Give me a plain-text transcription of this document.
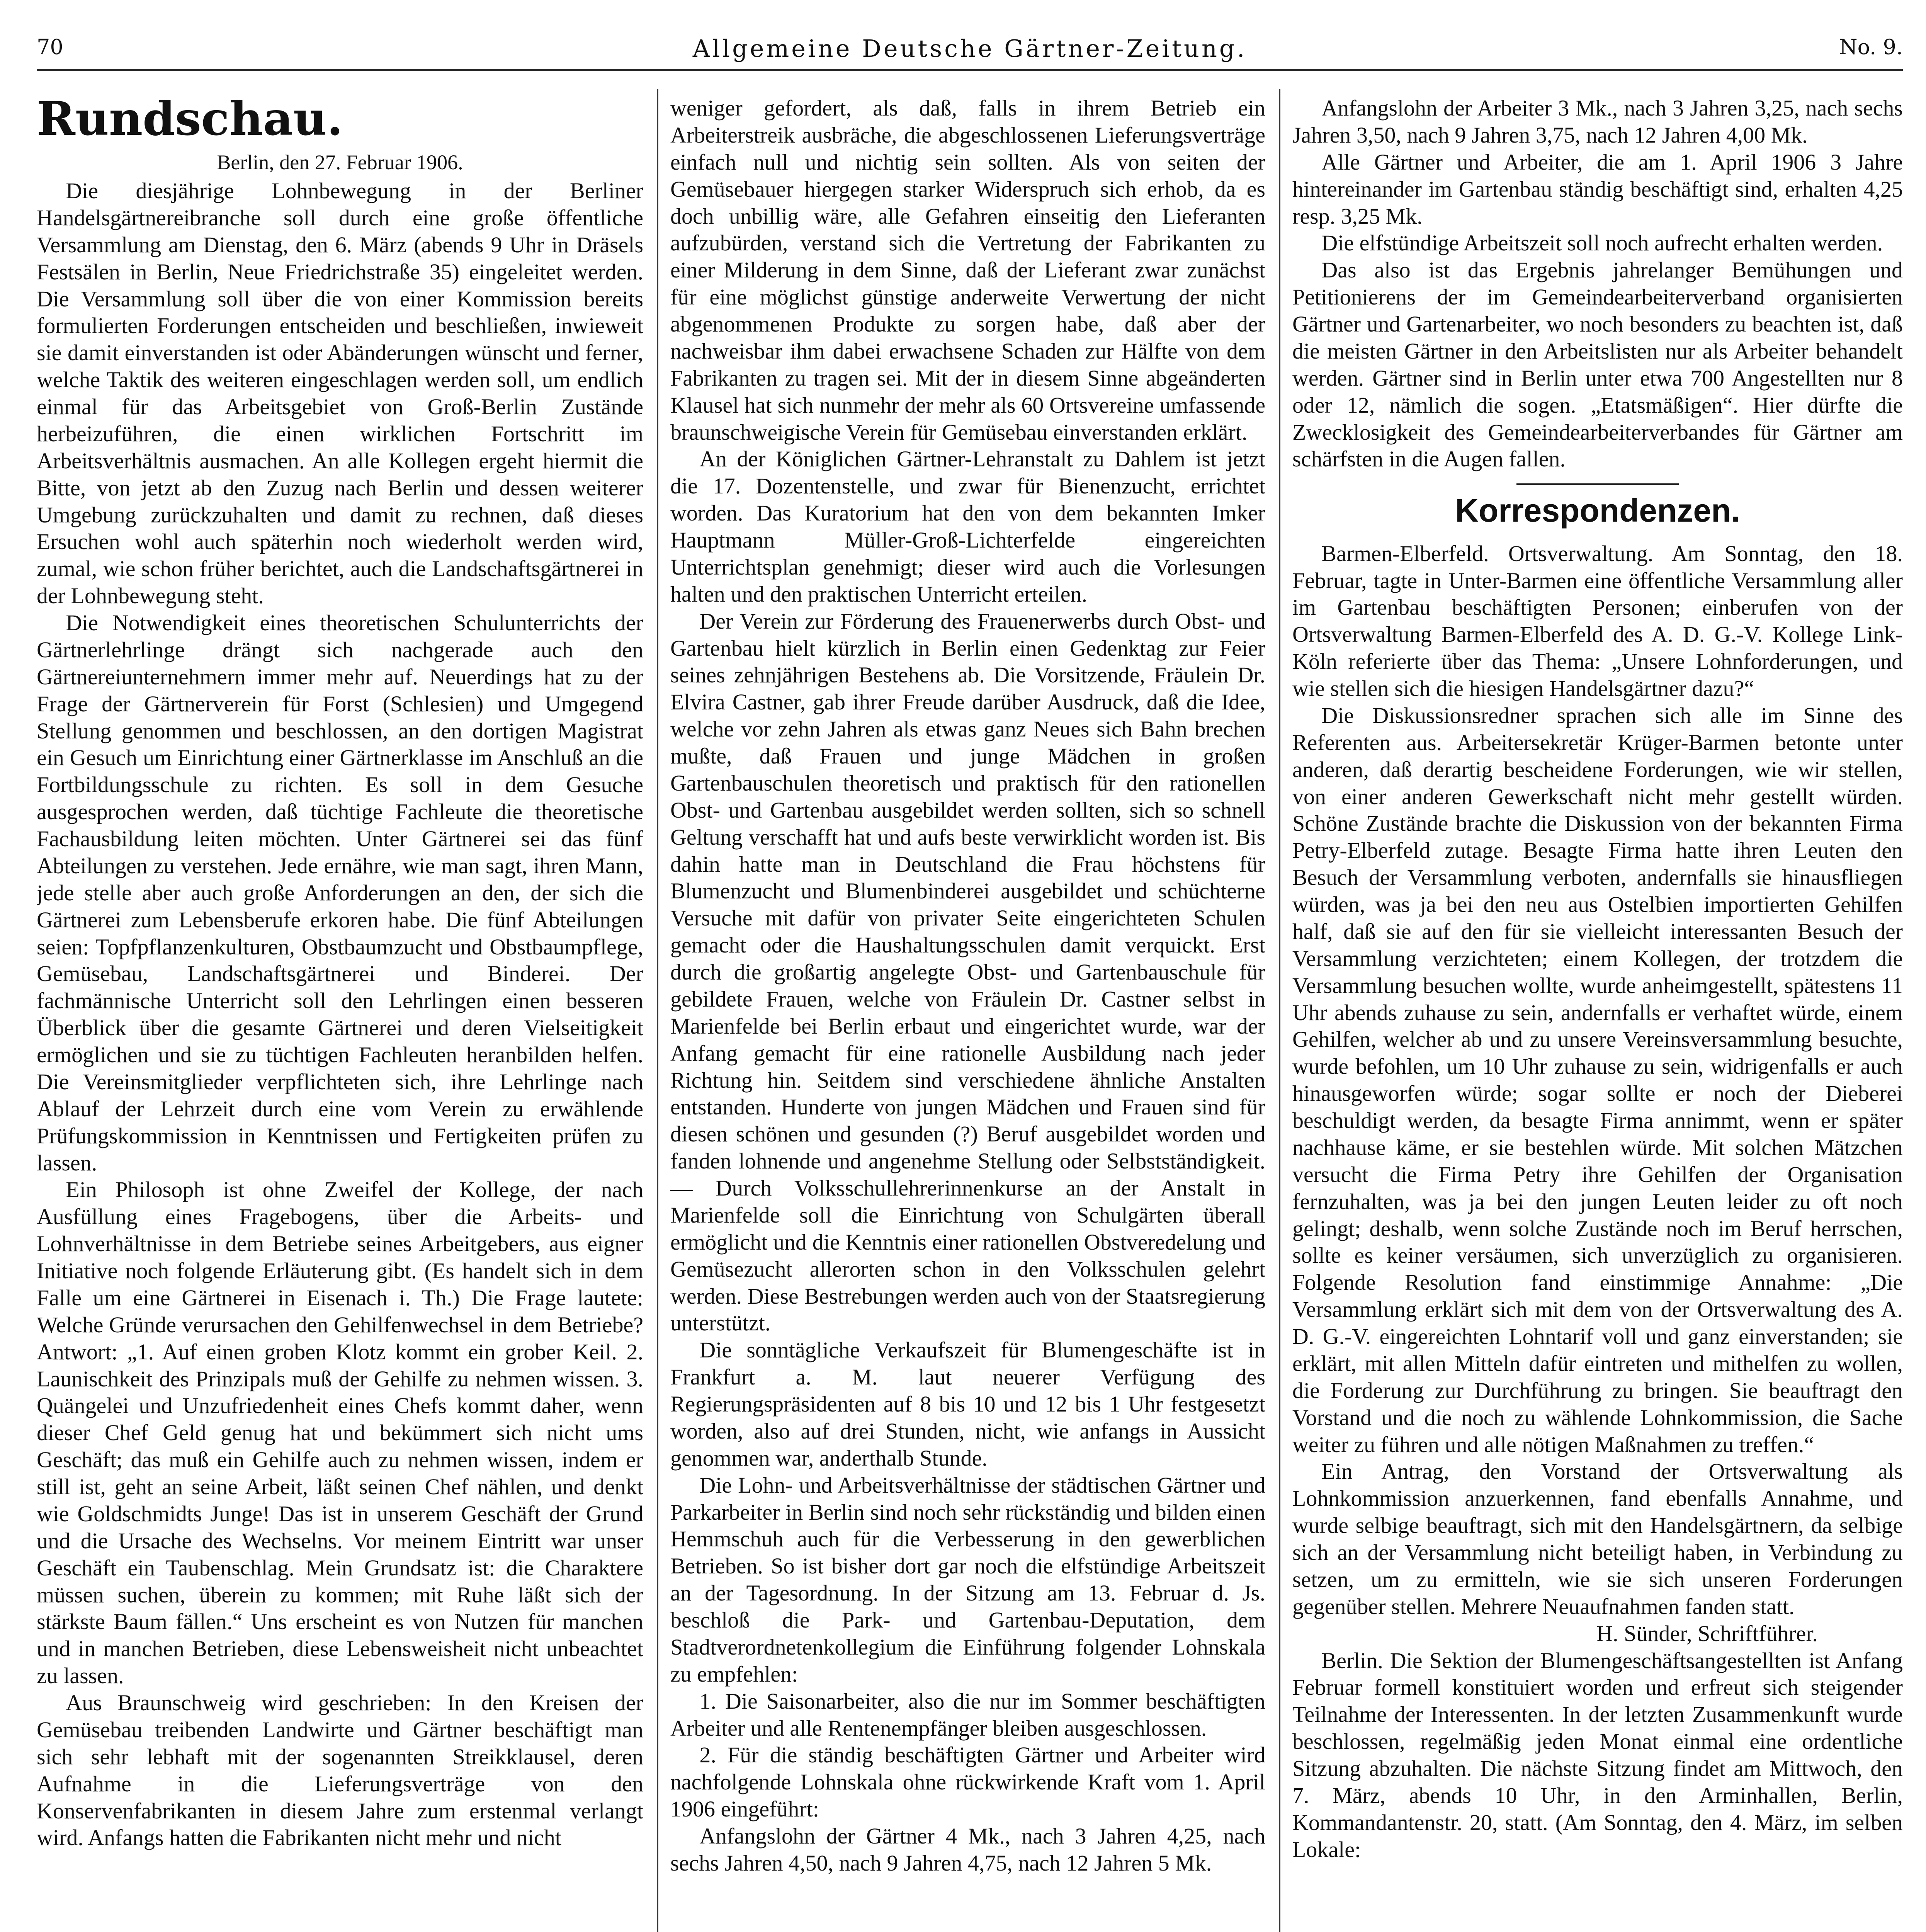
70	Allgemeine Deutsche Gärtner-Zeitung.	No. 9.
Rundschau.
Berlin, den 27. Februar 1906.

Die diesjährige Lohnbewegung in der Berliner Handelsgärtnereibranche soll durch eine große öffentliche Versammlung am Dienstag, den 6. März (abends 9 Uhr in Dräsels Festsälen in Berlin, Neue Friedrichstraße 35) eingeleitet werden. Die Versammlung soll über die von einer Kommission bereits formulierten Forderungen entscheiden und beschließen, inwieweit sie damit einverstanden ist oder Abänderungen wünscht und ferner, welche Taktik des weiteren eingeschlagen werden soll, um endlich einmal für das Arbeitsgebiet von Groß-Berlin Zustände herbeizuführen, die einen wirklichen Fortschritt im Arbeitsverhältnis ausmachen. An alle Kollegen ergeht hiermit die Bitte, von jetzt ab den Zuzug nach Berlin und dessen weiterer Umgebung zurückzuhalten und damit zu rechnen, daß dieses Ersuchen wohl auch späterhin noch wiederholt werden wird, zumal, wie schon früher berichtet, auch die Landschaftsgärtnerei in der Lohnbewegung steht.

Die Notwendigkeit eines theoretischen Schulunterrichts der Gärtnerlehrlinge drängt sich nachgerade auch den Gärtnereiunternehmern immer mehr auf. Neuerdings hat zu der Frage der Gärtnerverein für Forst (Schlesien) und Umgegend Stellung genommen und beschlossen, an den dortigen Magistrat ein Gesuch um Einrichtung einer Gärtnerklasse im Anschluß an die Fortbildungsschule zu richten. Es soll in dem Gesuche ausgesprochen werden, daß tüchtige Fachleute die theoretische Fachausbildung leiten möchten. Unter Gärtnerei sei das fünf Abteilungen zu verstehen. Jede ernähre, wie man sagt, ihren Mann, jede stelle aber auch große Anforderungen an den, der sich die Gärtnerei zum Lebensberufe erkoren habe. Die fünf Abteilungen seien: Topfpflanzenkulturen, Obstbaumzucht und Obstbaumpflege, Gemüsebau, Landschaftsgärtnerei und Binderei. Der fachmännische Unterricht soll den Lehrlingen einen besseren Überblick über die gesamte Gärtnerei und deren Vielseitigkeit ermöglichen und sie zu tüchtigen Fachleuten heranbilden helfen. Die Vereinsmitglieder verpflichteten sich, ihre Lehrlinge nach Ablauf der Lehrzeit durch eine vom Verein zu erwählende Prüfungskommission in Kenntnissen und Fertigkeiten prüfen zu lassen.

Ein Philosoph ist ohne Zweifel der Kollege, der nach Ausfüllung eines Fragebogens, über die Arbeits- und Lohnverhältnisse in dem Betriebe seines Arbeitgebers, aus eigner Initiative noch folgende Erläuterung gibt. (Es handelt sich in dem Falle um eine Gärtnerei in Eisenach i. Th.) Die Frage lautete: Welche Gründe verursachen den Gehilfenwechsel in dem Betriebe? Antwort: „1. Auf einen groben Klotz kommt ein grober Keil. 2. Launischkeit des Prinzipals muß der Gehilfe zu nehmen wissen. 3. Quängelei und Unzufriedenheit eines Chefs kommt daher, wenn dieser Chef Geld genug hat und bekümmert sich nicht ums Geschäft; das muß ein Gehilfe auch zu nehmen wissen, indem er still ist, geht an seine Arbeit, läßt seinen Chef nählen, und denkt wie Goldschmidts Junge! Das ist in unserem Geschäft der Grund und die Ursache des Wechselns. Vor meinem Eintritt war unser Geschäft ein Taubenschlag. Mein Grundsatz ist: die Charaktere müssen suchen, überein zu kommen; mit Ruhe läßt sich der stärkste Baum fällen.“ Uns erscheint es von Nutzen für manchen und in manchen Betrieben, diese Lebensweisheit nicht unbeachtet zu lassen.

Aus Braunschweig wird geschrieben: In den Kreisen der Gemüsebau treibenden Landwirte und Gärtner beschäftigt man sich sehr lebhaft mit der sogenannten Streikklausel, deren Aufnahme in die Lieferungsverträge von den Konservenfabrikanten in diesem Jahre zum erstenmal verlangt wird. Anfangs hatten die Fabrikanten nicht mehr und nicht

weniger gefordert, als daß, falls in ihrem Betrieb ein Arbeiterstreik ausbräche, die abgeschlossenen Lieferungsverträge einfach null und nichtig sein sollten. Als von seiten der Gemüsebauer hiergegen starker Widerspruch sich erhob, da es doch unbillig wäre, alle Gefahren einseitig den Lieferanten aufzubürden, verstand sich die Vertretung der Fabrikanten zu einer Milderung in dem Sinne, daß der Lieferant zwar zunächst für eine möglichst günstige anderweite Verwertung der nicht abgenommenen Produkte zu sorgen habe, daß aber der nachweisbar ihm dabei erwachsene Schaden zur Hälfte von dem Fabrikanten zu tragen sei. Mit der in diesem Sinne abgeänderten Klausel hat sich nunmehr der mehr als 60 Ortsvereine umfassende braunschweigische Verein für Gemüsebau einverstanden erklärt.

An der Königlichen Gärtner-Lehranstalt zu Dahlem ist jetzt die 17. Dozentenstelle, und zwar für Bienenzucht, errichtet worden. Das Kuratorium hat den von dem bekannten Imker Hauptmann Müller-Groß-Lichterfelde eingereichten Unterrichtsplan genehmigt; dieser wird auch die Vorlesungen halten und den praktischen Unterricht erteilen.

Der Verein zur Förderung des Frauenerwerbs durch Obst- und Gartenbau hielt kürzlich in Berlin einen Gedenktag zur Feier seines zehnjährigen Bestehens ab. Die Vorsitzende, Fräulein Dr. Elvira Castner, gab ihrer Freude darüber Ausdruck, daß die Idee, welche vor zehn Jahren als etwas ganz Neues sich Bahn brechen mußte, daß Frauen und junge Mädchen in großen Gartenbauschulen theoretisch und praktisch für den rationellen Obst- und Gartenbau ausgebildet werden sollten, sich so schnell Geltung verschafft hat und aufs beste verwirklicht worden ist. Bis dahin hatte man in Deutschland die Frau höchstens für Blumenzucht und Blumenbinderei ausgebildet und schüchterne Versuche mit dafür von privater Seite eingerichteten Schulen gemacht oder die Haushaltungsschulen damit verquickt. Erst durch die großartig angelegte Obst- und Gartenbauschule für gebildete Frauen, welche von Fräulein Dr. Castner selbst in Marienfelde bei Berlin erbaut und eingerichtet wurde, war der Anfang gemacht für eine rationelle Ausbildung nach jeder Richtung hin. Seitdem sind verschiedene ähnliche Anstalten entstanden. Hunderte von jungen Mädchen und Frauen sind für diesen schönen und gesunden (?) Beruf ausgebildet worden und fanden lohnende und angenehme Stellung oder Selbstständigkeit. — Durch Volksschullehrerinnenkurse an der Anstalt in Marienfelde soll die Einrichtung von Schulgärten überall ermöglicht und die Kenntnis einer rationellen Obstveredelung und Gemüsezucht allerorten schon in den Volksschulen gelehrt werden. Diese Bestrebungen werden auch von der Staatsregierung unterstützt.

Die sonntägliche Verkaufszeit für Blumengeschäfte ist in Frankfurt a. M. laut neuerer Verfügung des Regierungspräsidenten auf 8 bis 10 und 12 bis 1 Uhr festgesetzt worden, also auf drei Stunden, nicht, wie anfangs in Aussicht genommen war, anderthalb Stunde.

Die Lohn- und Arbeitsverhältnisse der städtischen Gärtner und Parkarbeiter in Berlin sind noch sehr rückständig und bilden einen Hemmschuh auch für die Verbesserung in den gewerblichen Betrieben. So ist bisher dort gar noch die elfstündige Arbeitszeit an der Tagesordnung. In der Sitzung am 13. Februar d. Js. beschloß die Park- und Gartenbau-Deputation, dem Stadtverordnetenkollegium die Einführung folgender Lohnskala zu empfehlen:

1. Die Saisonarbeiter, also die nur im Sommer beschäftigten Arbeiter und alle Rentenempfänger bleiben ausgeschlossen.

2. Für die ständig beschäftigten Gärtner und Arbeiter wird nachfolgende Lohnskala ohne rückwirkende Kraft vom 1. April 1906 eingeführt:

Anfangslohn der Gärtner 4 Mk., nach 3 Jahren 4,25, nach sechs Jahren 4,50, nach 9 Jahren 4,75, nach 12 Jahren 5 Mk.

Anfangslohn der Arbeiter 3 Mk., nach 3 Jahren 3,25, nach sechs Jahren 3,50, nach 9 Jahren 3,75, nach 12 Jahren 4,00 Mk.

Alle Gärtner und Arbeiter, die am 1. April 1906 3 Jahre hintereinander im Gartenbau ständig beschäftigt sind, erhalten 4,25 resp. 3,25 Mk.

Die elfstündige Arbeitszeit soll noch aufrecht erhalten werden.

Das also ist das Ergebnis jahrelanger Bemühungen und Petitionierens der im Gemeindearbeiterverband organisierten Gärtner und Gartenarbeiter, wo noch besonders zu beachten ist, daß die meisten Gärtner in den Arbeitslisten nur als Arbeiter behandelt werden. Gärtner sind in Berlin unter etwa 700 Angestellten nur 8 oder 12, nämlich die sogen. „Etatsmäßigen“. Hier dürfte die Zwecklosigkeit des Gemeindearbeiterverbandes für Gärtner am schärfsten in die Augen fallen.

Korrespondenzen.

Barmen-Elberfeld. Ortsverwaltung. Am Sonntag, den 18. Februar, tagte in Unter-Barmen eine öffentliche Versammlung aller im Gartenbau beschäftigten Personen; einberufen von der Ortsverwaltung Barmen-Elberfeld des A. D. G.-V. Kollege Link-Köln referierte über das Thema: „Unsere Lohnforderungen, und wie stellen sich die hiesigen Handelsgärtner dazu?“

Die Diskussionsredner sprachen sich alle im Sinne des Referenten aus. Arbeitersekretär Krüger-Barmen betonte unter anderen, daß derartig bescheidene Forderungen, wie wir stellen, von einer anderen Gewerkschaft nicht mehr gestellt würden. Schöne Zustände brachte die Diskussion von der bekannten Firma Petry-Elberfeld zutage. Besagte Firma hatte ihren Leuten den Besuch der Versammlung verboten, andernfalls sie hinausfliegen würden, was ja bei den neu aus Ostelbien importierten Gehilfen half, daß sie auf den für sie vielleicht interessanten Besuch der Versammlung verzichteten; einem Kollegen, der trotzdem die Versammlung besuchen wollte, wurde anheimgestellt, spätestens 11 Uhr abends zuhause zu sein, andernfalls er verhaftet würde, einem Gehilfen, welcher ab und zu unsere Vereinsversammlung besuchte, wurde befohlen, um 10 Uhr zuhause zu sein, widrigenfalls er auch hinausgeworfen würde; sogar sollte er noch der Dieberei beschuldigt werden, da besagte Firma annimmt, wenn er später nachhause käme, er sie bestehlen würde. Mit solchen Mätzchen versucht die Firma Petry ihre Gehilfen der Organisation fernzuhalten, was ja bei den jungen Leuten leider zu oft noch gelingt; deshalb, wenn solche Zustände noch im Beruf herrschen, sollte es keiner versäumen, sich unverzüglich zu organisieren. Folgende Resolution fand einstimmige Annahme: „Die Versammlung erklärt sich mit dem von der Ortsverwaltung des A. D. G.-V. eingereichten Lohntarif voll und ganz einverstanden; sie erklärt, mit allen Mitteln dafür eintreten und mithelfen zu wollen, die Forderung zur Durchführung zu bringen. Sie beauftragt den Vorstand und die noch zu wählende Lohnkommission, die Sache weiter zu führen und alle nötigen Maßnahmen zu treffen.“

Ein Antrag, den Vorstand der Ortsverwaltung als Lohnkommission anzuerkennen, fand ebenfalls Annahme, und wurde selbige beauftragt, sich mit den Handelsgärtnern, da selbige sich an der Versammlung nicht beteiligt haben, in Verbindung zu setzen, um zu ermitteln, wie sie sich unseren Forderungen gegenüber stellen. Mehrere Neuaufnahmen fanden statt.

H. Sünder, Schriftführer.

Berlin. Die Sektion der Blumengeschäftsangestellten ist Anfang Februar formell konstituiert worden und erfreut sich steigender Teilnahme der Interessenten. In der letzten Zusammenkunft wurde beschlossen, regelmäßig jeden Monat einmal eine ordentliche Sitzung abzuhalten. Die nächste Sitzung findet am Mittwoch, den 7. März, abends 10 Uhr, in den Arminhallen, Berlin, Kommandantenstr. 20, statt. (Am Sonntag, den 4. März, im selben Lokale:
